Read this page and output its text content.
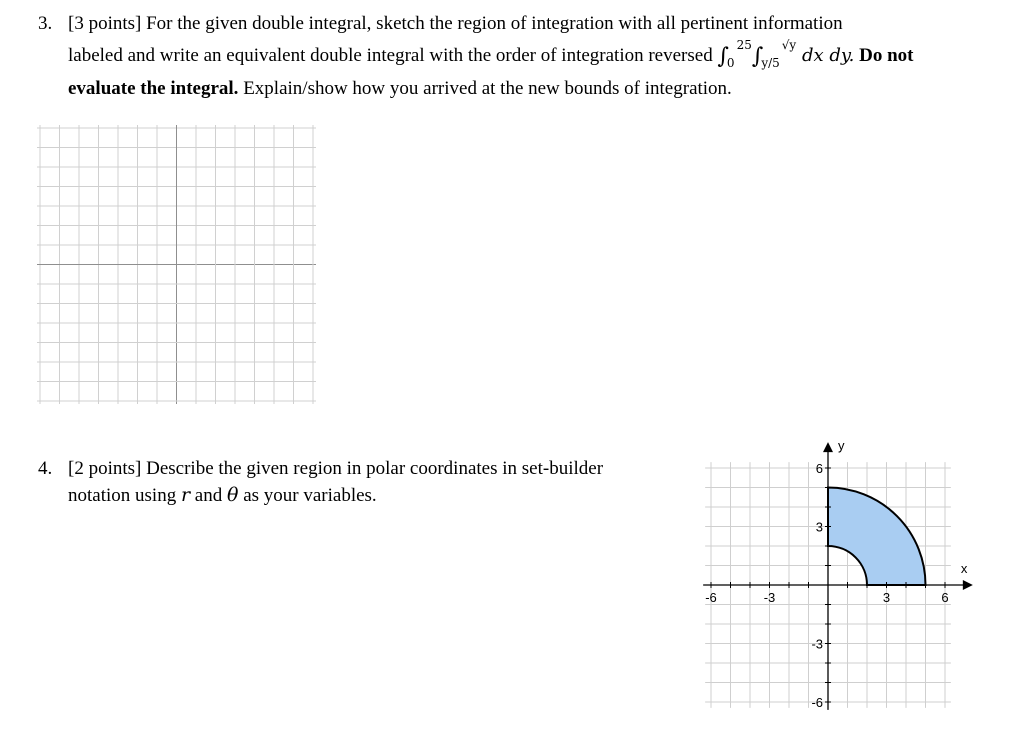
3. [3 points] For the given double integral, sketch the region of integration with all pertinent information
labeled and write an equivalent double integral with the order of integration reversed $\int_0^{25}\int_{y/5}^{√y}$ dx dy. Do not
evaluate the integral. Explain/show how you arrived at the new bounds of integration.
4. [2 points] Describe the given region in polar coordinates in set-builder
notation using r and θ as your variables.
x
y
-6	-3	3	6
6
3
-3
-6
